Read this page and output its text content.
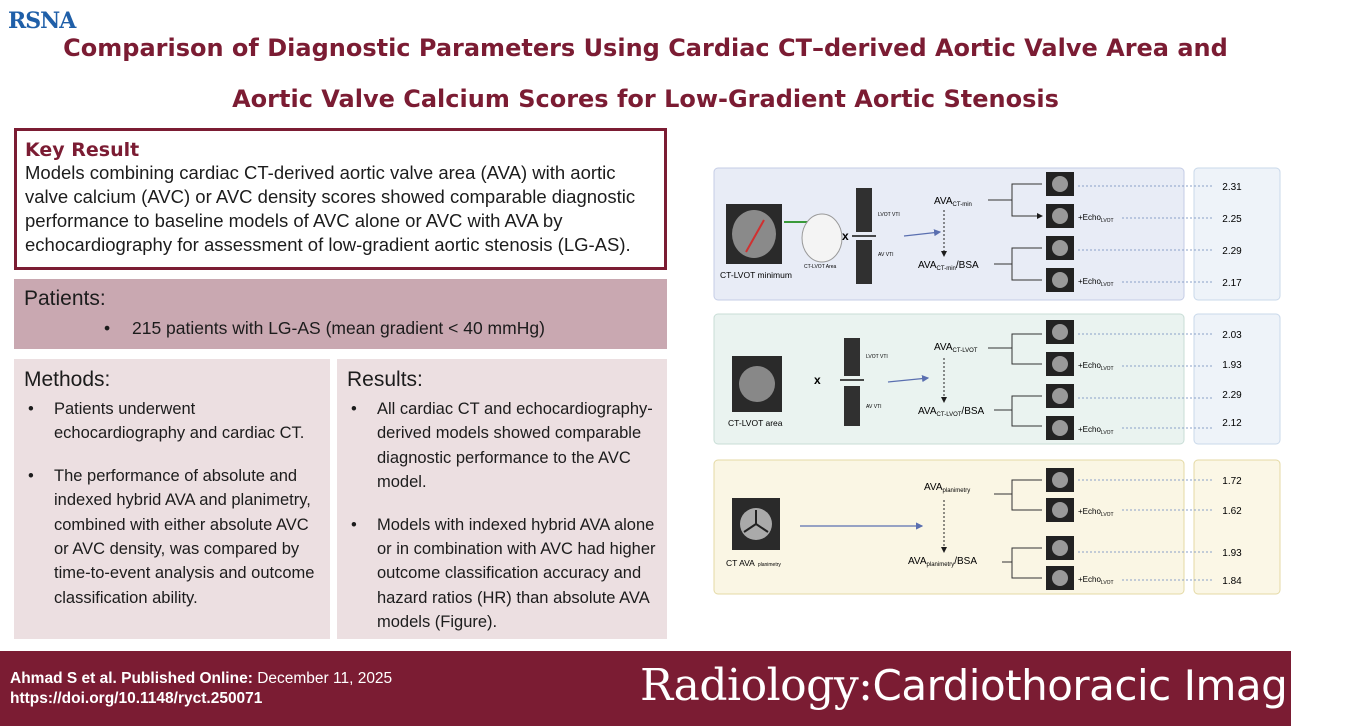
RSNA
Comparison of Diagnostic Parameters Using Cardiac CT–derived Aortic Valve Area and
Aortic Valve Calcium Scores for Low-Gradient Aortic Stenosis
Key Result
Models combining cardiac CT-derived aortic valve area (AVA) with aortic valve calcium (AVC) or AVC density scores showed comparable diagnostic performance to baseline models of AVC alone or AVC with AVA by echocardiography for assessment of low-gradient aortic stenosis (LG-AS).
Patients:
• 215 patients with LG-AS (mean gradient < 40 mmHg)
Methods:
• Patients underwent echocardiography and cardiac CT.
• The performance of absolute and indexed hybrid AVA and planimetry, combined with either absolute AVC or AVC density, was compared by time-to-event analysis and outcome classification ability.
Results:
• All cardiac CT and echocardiography-derived models showed comparable diagnostic performance to the AVC model.
• Models with indexed hybrid AVA alone or in combination with AVC had higher outcome classification accuracy and hazard ratios (HR) than absolute AVA models (Figure).
CT-LVOT minimum
CT-LVOT Area
x
LVOT VTI
AV VTI
$AVA_{CT-min}$
$AVA_{CT-min}$/BSA
+Echo$_{LVOT}$
+Echo$_{LVOT}$
2.31
2.25
2.29
2.17
CT-LVOT area
x
LVOT VTI
AV VTI
$AVA_{CT-LVOT}$
$AVA_{CT-LVOT}$/BSA
+Echo$_{LVOT}$
+Echo$_{LVOT}$
2.03
1.93
2.29
2.12
CT AVA planimetry
$AVA_{planimetry}$
$AVA_{planimetry}$/BSA
+Echo$_{LVOT}$
+Echo$_{LVOT}$
1.72
1.62
1.93
1.84
Ahmad S et al. Published Online: December 11, 2025
https://doi.org/10.1148/ryct.250071	Radiology:Cardiothoracic Imaging
